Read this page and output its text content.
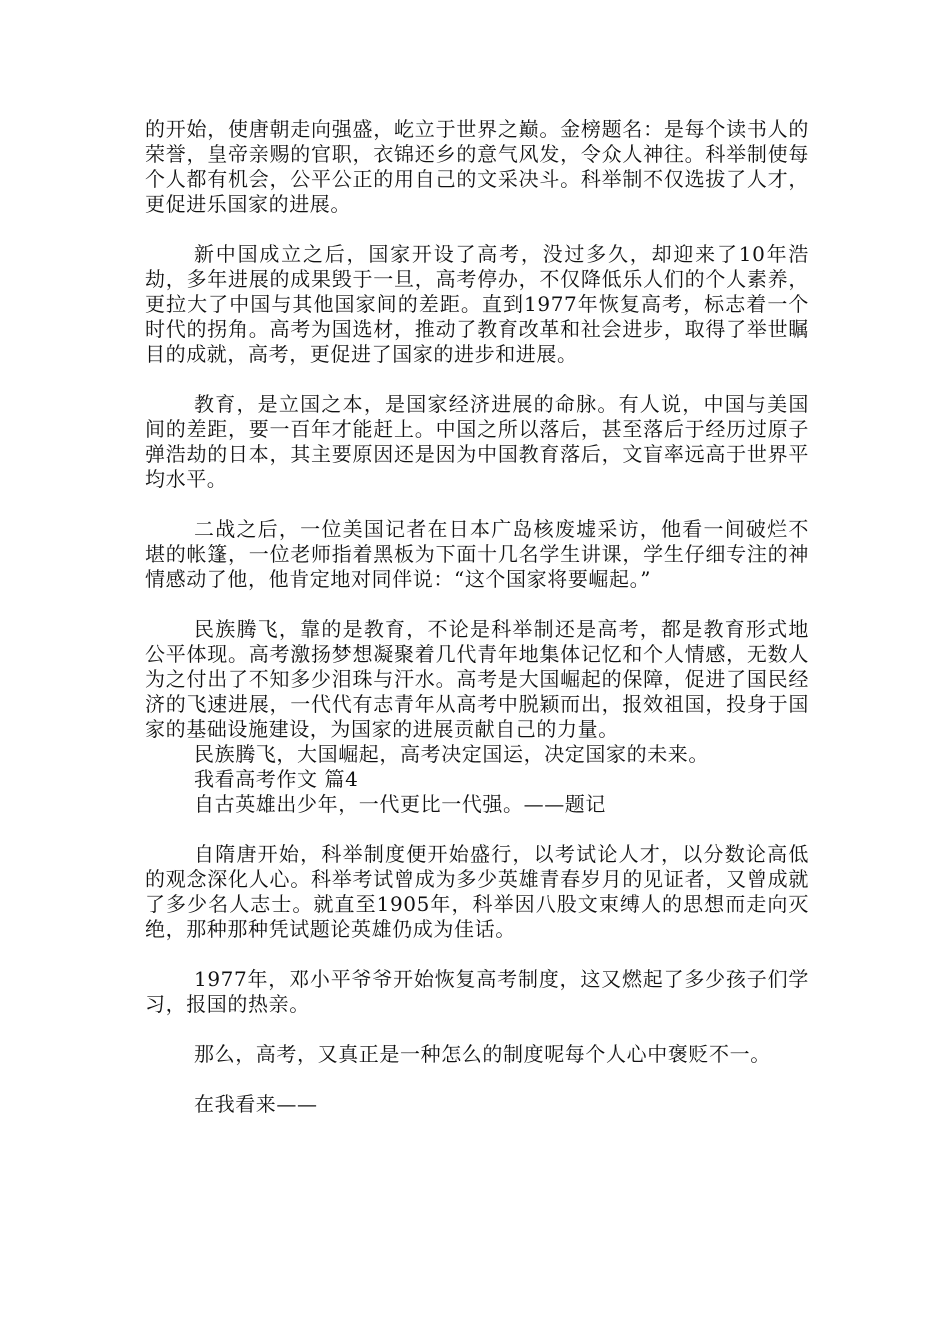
的开始，使唐朝走向强盛，屹立于世界之巅。金榜题名：是每个读书人的荣誉，皇帝亲赐的官职，衣锦还乡的意气风发，令众人神往。科举制使每个人都有机会，公平公正的用自己的文采决斗。科举制不仅选拔了人才，更促进乐国家的进展。

新中国成立之后，国家开设了高考，没过多久，却迎来了10年浩劫，多年进展的成果毁于一旦，高考停办，不仅降低乐人们的个人素养，更拉大了中国与其他国家间的差距。直到1977年恢复高考，标志着一个时代的拐角。高考为国选材，推动了教育改革和社会进步，取得了举世瞩目的成就，高考，更促进了国家的进步和进展。

教育，是立国之本，是国家经济进展的命脉。有人说，中国与美国间的差距，要一百年才能赶上。中国之所以落后，甚至落后于经历过原子弹浩劫的日本，其主要原因还是因为中国教育落后，文盲率远高于世界平均水平。

二战之后，一位美国记者在日本广岛核废墟采访，他看一间破烂不堪的帐篷，一位老师指着黑板为下面十几名学生讲课，学生仔细专注的神情感动了他，他肯定地对同伴说：“这个国家将要崛起。”

民族腾飞，靠的是教育，不论是科举制还是高考，都是教育形式地公平体现。高考激扬梦想凝聚着几代青年地集体记忆和个人情感，无数人为之付出了不知多少泪珠与汗水。高考是大国崛起的保障，促进了国民经济的飞速进展，一代代有志青年从高考中脱颖而出，报效祖国，投身于国家的基础设施建设，为国家的进展贡献自己的力量。

民族腾飞，大国崛起，高考决定国运，决定国家的未来。

我看高考作文 篇4

自古英雄出少年，一代更比一代强。——题记

自隋唐开始，科举制度便开始盛行，以考试论人才，以分数论高低的观念深化人心。科举考试曾成为多少英雄青春岁月的见证者，又曾成就了多少名人志士。就直至1905年，科举因八股文束缚人的思想而走向灭绝，那种那种凭试题论英雄仍成为佳话。

1977年，邓小平爷爷开始恢复高考制度，这又燃起了多少孩子们学习，报国的热亲。

那么，高考，又真正是一种怎么的制度呢每个人心中褒贬不一。

在我看来——
